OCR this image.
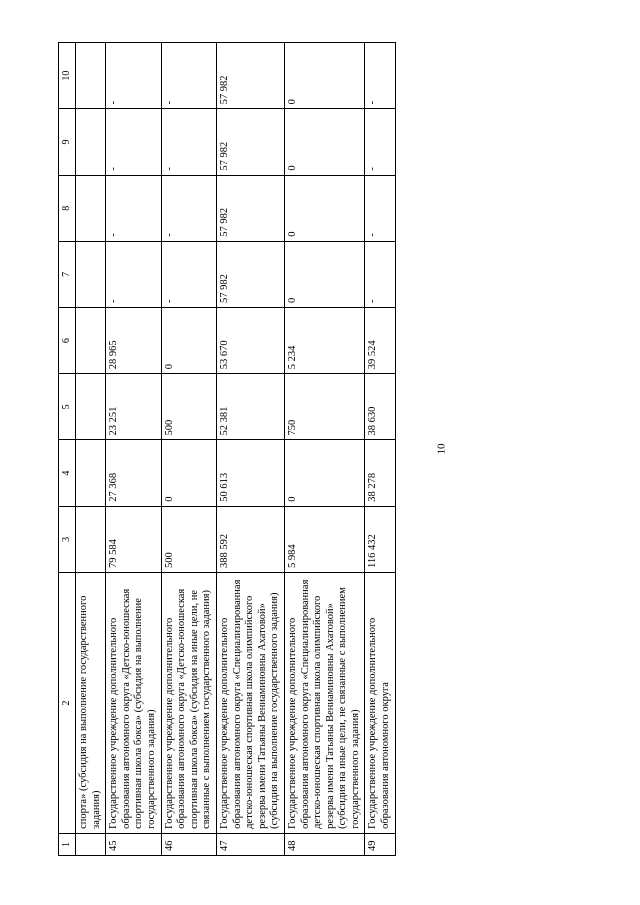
10
1	2	3	4	5	6	7	8	9	10
	спорта» (субсидия на выполнение государственного задания)								
45	Государственное учреждение дополнительного образования автономного округа «Детско-юношеская спортивная школа бокса» (субсидия на выполнение государственного задания)	79 584	27 368	23 251	28 965	-	-	-	-
46	Государственное учреждение дополнительного образования автономного округа «Детско-юношеская спортивная школа бокса» (субсидия на иные цели, не связанные с выполнением государственного задания)	500	0	500	0	-	-	-	-
47	Государственное учреждение дополнительного образования автономного округа «Специализированная детско-юношеская спортивная школа олимпийского резерва имени Татьяны Вениаминовны Ахатовой» (субсидия на выполнение государственного задания)	388 592	50 613	52 381	53 670	57 982	57 982	57 982	57 982
48	Государственное учреждение дополнительного образования автономного округа «Специализированная детско-юношеская спортивная школа олимпийского резерва имени Татьяны Вениаминовны Ахатовой» (субсидия на иные цели, не связанные с выполнением государственного задания)	5 984	0	750	5 234	0	0	0	0
49	Государственное учреждение дополнительного образования автономного округа	116 432	38 278	38 630	39 524	-	-	-	-
